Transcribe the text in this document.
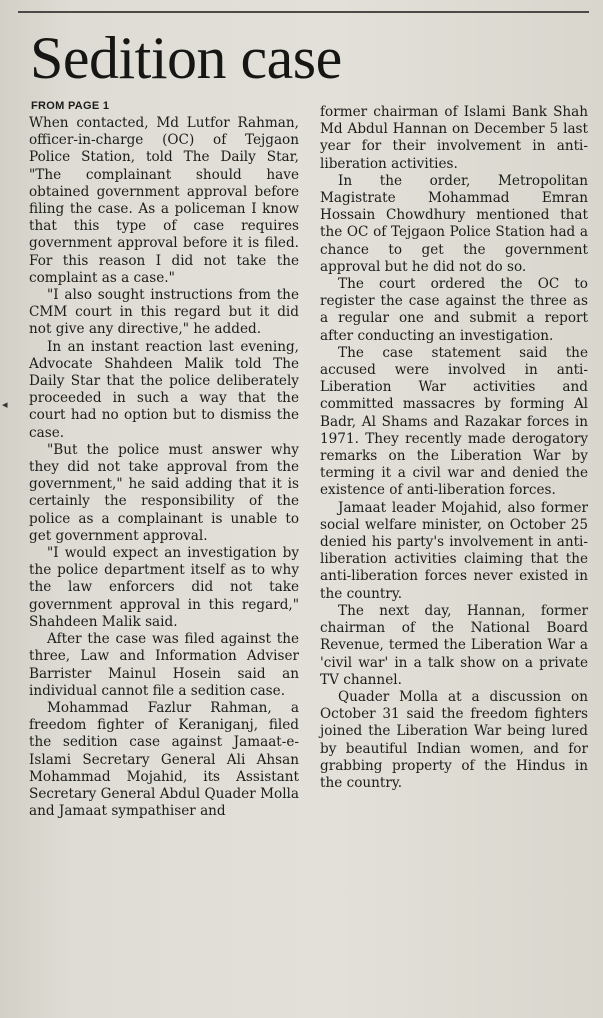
Sedition case
◂
FROM PAGE 1

When contacted, Md Lutfor Rahman, officer-in-charge (OC) of Tejgaon Police Station, told The Daily Star, "The complainant should have obtained government approval before filing the case. As a policeman I know that this type of case requires government approval before it is filed. For this reason I did not take the complaint as a case."

"I also sought instructions from the CMM court in this regard but it did not give any directive," he added.

In an instant reaction last evening, Advocate Shahdeen Malik told The Daily Star that the police deliberately proceeded in such a way that the court had no option but to dismiss the case.

"But the police must answer why they did not take approval from the government," he said adding that it is certainly the responsibility of the police as a complainant is unable to get government approval.

"I would expect an investigation by the police department itself as to why the law enforcers did not take government approval in this regard," Shahdeen Malik said.

After the case was filed against the three, Law and Information Adviser Barrister Mainul Hosein said an individual cannot file a sedition case.

Mohammad Fazlur Rahman, a freedom fighter of Keraniganj, filed the sedition case against Jamaat-e-Islami Secretary General Ali Ahsan Mohammad Mojahid, its Assistant Secretary General Abdul Quader Molla and Jamaat sympathiser and

former chairman of Islami Bank Shah Md Abdul Hannan on December 5 last year for their involvement in anti-liberation activities.

In the order, Metropolitan Magistrate Mohammad Emran Hossain Chowdhury mentioned that the OC of Tejgaon Police Station had a chance to get the government approval but he did not do so.

The court ordered the OC to register the case against the three as a regular one and submit a report after conducting an investigation.

The case statement said the accused were involved in anti-Liberation War activities and committed massacres by forming Al Badr, Al Shams and Razakar forces in 1971. They recently made derogatory remarks on the Liberation War by terming it a civil war and denied the existence of anti-liberation forces.

Jamaat leader Mojahid, also former social welfare minister, on October 25 denied his party's involvement in anti-liberation activities claiming that the anti-liberation forces never existed in the country.

The next day, Hannan, former chairman of the National Board Revenue, termed the Liberation War a 'civil war' in a talk show on a private TV channel.

Quader Molla at a discussion on October 31 said the freedom fighters joined the Liberation War being lured by beautiful Indian women, and for grabbing property of the Hindus in the country.
